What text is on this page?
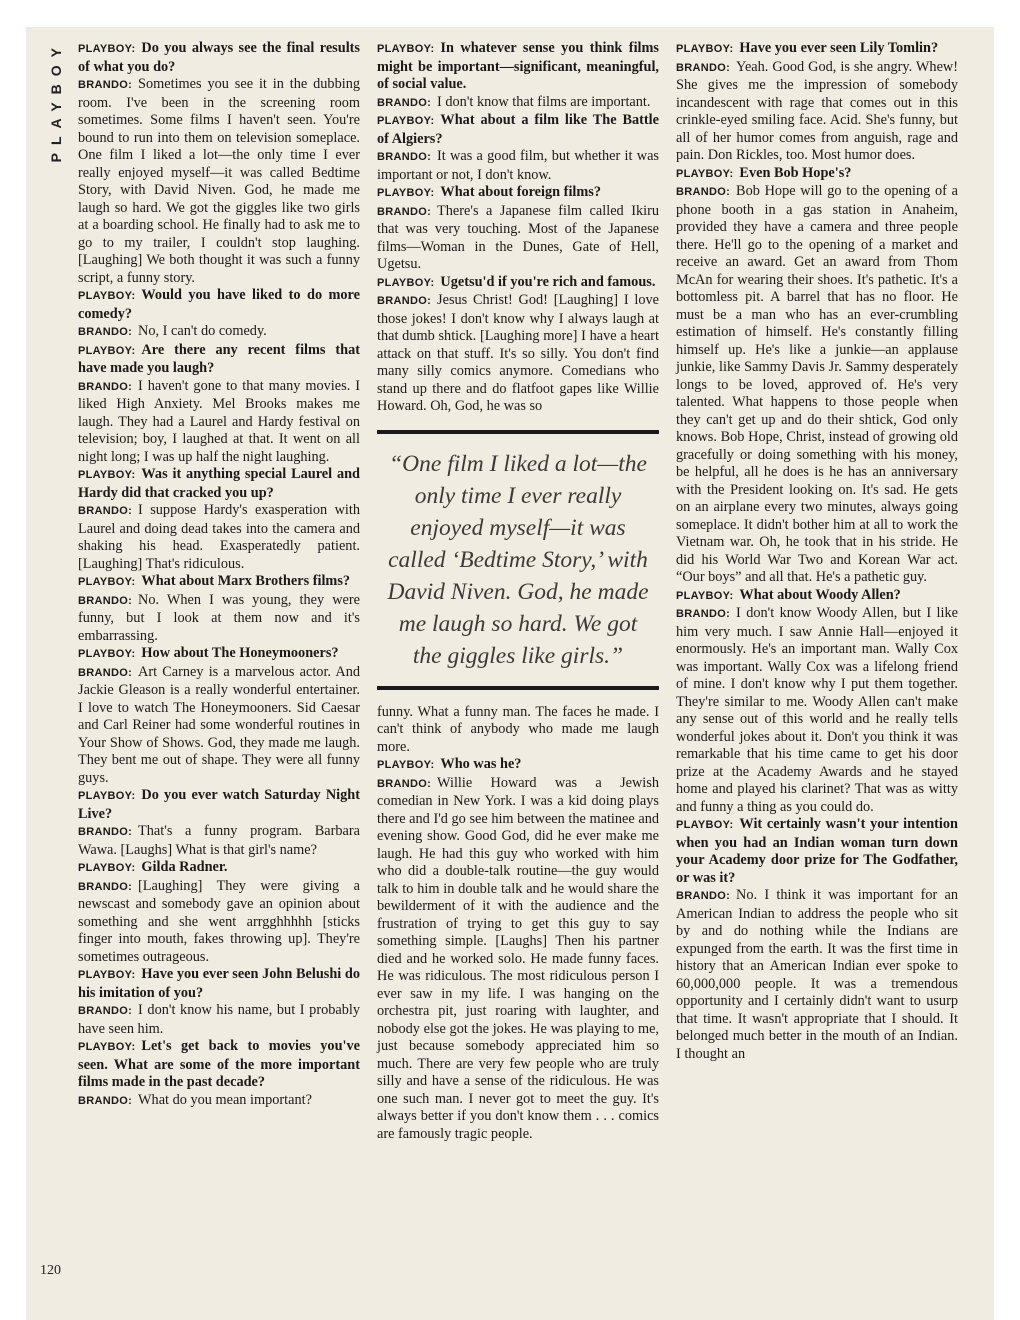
PLAYBOY PLAYBOY: Do you always see the final results of what you do?

BRANDO: Sometimes you see it in the dubbing room. I've been in the screening room sometimes. Some films I haven't seen. You're bound to run into them on television someplace. One film I liked a lot—the only time I ever really enjoyed myself—it was called Bedtime Story, with David Niven. God, he made me laugh so hard. We got the giggles like two girls at a boarding school. He finally had to ask me to go to my trailer, I couldn't stop laughing. [Laughing] We both thought it was such a funny script, a funny story.

PLAYBOY: Would you have liked to do more comedy?

BRANDO: No, I can't do comedy.

PLAYBOY: Are there any recent films that have made you laugh?

BRANDO: I haven't gone to that many movies. I liked High Anxiety. Mel Brooks makes me laugh. They had a Laurel and Hardy festival on television; boy, I laughed at that. It went on all night long; I was up half the night laughing.

PLAYBOY: Was it anything special Laurel and Hardy did that cracked you up?

BRANDO: I suppose Hardy's exasperation with Laurel and doing dead takes into the camera and shaking his head. Exasperatedly patient. [Laughing] That's ridiculous.

PLAYBOY: What about Marx Brothers films?

BRANDO: No. When I was young, they were funny, but I look at them now and it's embarrassing.

PLAYBOY: How about The Honeymooners?

BRANDO: Art Carney is a marvelous actor. And Jackie Gleason is a really wonderful entertainer. I love to watch The Honeymooners. Sid Caesar and Carl Reiner had some wonderful routines in Your Show of Shows. God, they made me laugh. They bent me out of shape. They were all funny guys.

PLAYBOY: Do you ever watch Saturday Night Live?

BRANDO: That's a funny program. Barbara Wawa. [Laughs] What is that girl's name?

PLAYBOY: Gilda Radner.

BRANDO: [Laughing] They were giving a newscast and somebody gave an opinion about something and she went arrgghhhhh [sticks finger into mouth, fakes throwing up]. They're sometimes outrageous.

PLAYBOY: Have you ever seen John Belushi do his imitation of you?

BRANDO: I don't know his name, but I probably have seen him.

PLAYBOY: Let's get back to movies you've seen. What are some of the more important films made in the past decade?

BRANDO: What do you mean important?

PLAYBOY: In whatever sense you think films might be important—significant, meaningful, of social value.

BRANDO: I don't know that films are important.

PLAYBOY: What about a film like The Battle of Algiers?

BRANDO: It was a good film, but whether it was important or not, I don't know.

PLAYBOY: What about foreign films?

BRANDO: There's a Japanese film called Ikiru that was very touching. Most of the Japanese films—Woman in the Dunes, Gate of Hell, Ugetsu.

PLAYBOY: Ugetsu'd if you're rich and famous.

BRANDO: Jesus Christ! God! [Laughing] I love those jokes! I don't know why I always laugh at that dumb shtick. [Laughing more] I have a heart attack on that stuff. It's so silly. You don't find many silly comics anymore. Comedians who stand up there and do flatfoot gapes like Willie Howard. Oh, God, he was so

“One film I liked a lot—the only time I ever really enjoyed myself—it was called ‘Bedtime Story,’ with David Niven. God, he made me laugh so hard. We got the giggles like girls.”

funny. What a funny man. The faces he made. I can't think of anybody who made me laugh more.

PLAYBOY: Who was he?

BRANDO: Willie Howard was a Jewish comedian in New York. I was a kid doing plays there and I'd go see him between the matinee and evening show. Good God, did he ever make me laugh. He had this guy who worked with him who did a double-talk routine—the guy would talk to him in double talk and he would share the bewilderment of it with the audience and the frustration of trying to get this guy to say something simple. [Laughs] Then his partner died and he worked solo. He made funny faces. He was ridiculous. The most ridiculous person I ever saw in my life. I was hanging on the orchestra pit, just roaring with laughter, and nobody else got the jokes. He was playing to me, just because somebody appreciated him so much. There are very few people who are truly silly and have a sense of the ridiculous. He was one such man. I never got to meet the guy. It's always better if you don't know them . . . comics are famously tragic people.

PLAYBOY: Have you ever seen Lily Tomlin?

BRANDO: Yeah. Good God, is she angry. Whew! She gives me the impression of somebody incandescent with rage that comes out in this crinkle-eyed smiling face. Acid. She's funny, but all of her humor comes from anguish, rage and pain. Don Rickles, too. Most humor does.

PLAYBOY: Even Bob Hope's?

BRANDO: Bob Hope will go to the opening of a phone booth in a gas station in Anaheim, provided they have a camera and three people there. He'll go to the opening of a market and receive an award. Get an award from Thom McAn for wearing their shoes. It's pathetic. It's a bottomless pit. A barrel that has no floor. He must be a man who has an ever-crumbling estimation of himself. He's constantly filling himself up. He's like a junkie—an applause junkie, like Sammy Davis Jr. Sammy desperately longs to be loved, approved of. He's very talented. What happens to those people when they can't get up and do their shtick, God only knows. Bob Hope, Christ, instead of growing old gracefully or doing something with his money, be helpful, all he does is he has an anniversary with the President looking on. It's sad. He gets on an airplane every two minutes, always going someplace. It didn't bother him at all to work the Vietnam war. Oh, he took that in his stride. He did his World War Two and Korean War act. “Our boys” and all that. He's a pathetic guy.

PLAYBOY: What about Woody Allen?

BRANDO: I don't know Woody Allen, but I like him very much. I saw Annie Hall—enjoyed it enormously. He's an important man. Wally Cox was important. Wally Cox was a lifelong friend of mine. I don't know why I put them together. They're similar to me. Woody Allen can't make any sense out of this world and he really tells wonderful jokes about it. Don't you think it was remarkable that his time came to get his door prize at the Academy Awards and he stayed home and played his clarinet? That was as witty and funny a thing as you could do.

PLAYBOY: Wit certainly wasn't your intention when you had an Indian woman turn down your Academy door prize for The Godfather, or was it?

BRANDO: No. I think it was important for an American Indian to address the people who sit by and do nothing while the Indians are expunged from the earth. It was the first time in history that an American Indian ever spoke to 60,000,000 people. It was a tremendous opportunity and I certainly didn't want to usurp that time. It wasn't appropriate that I should. It belonged much better in the mouth of an Indian. I thought an

120
